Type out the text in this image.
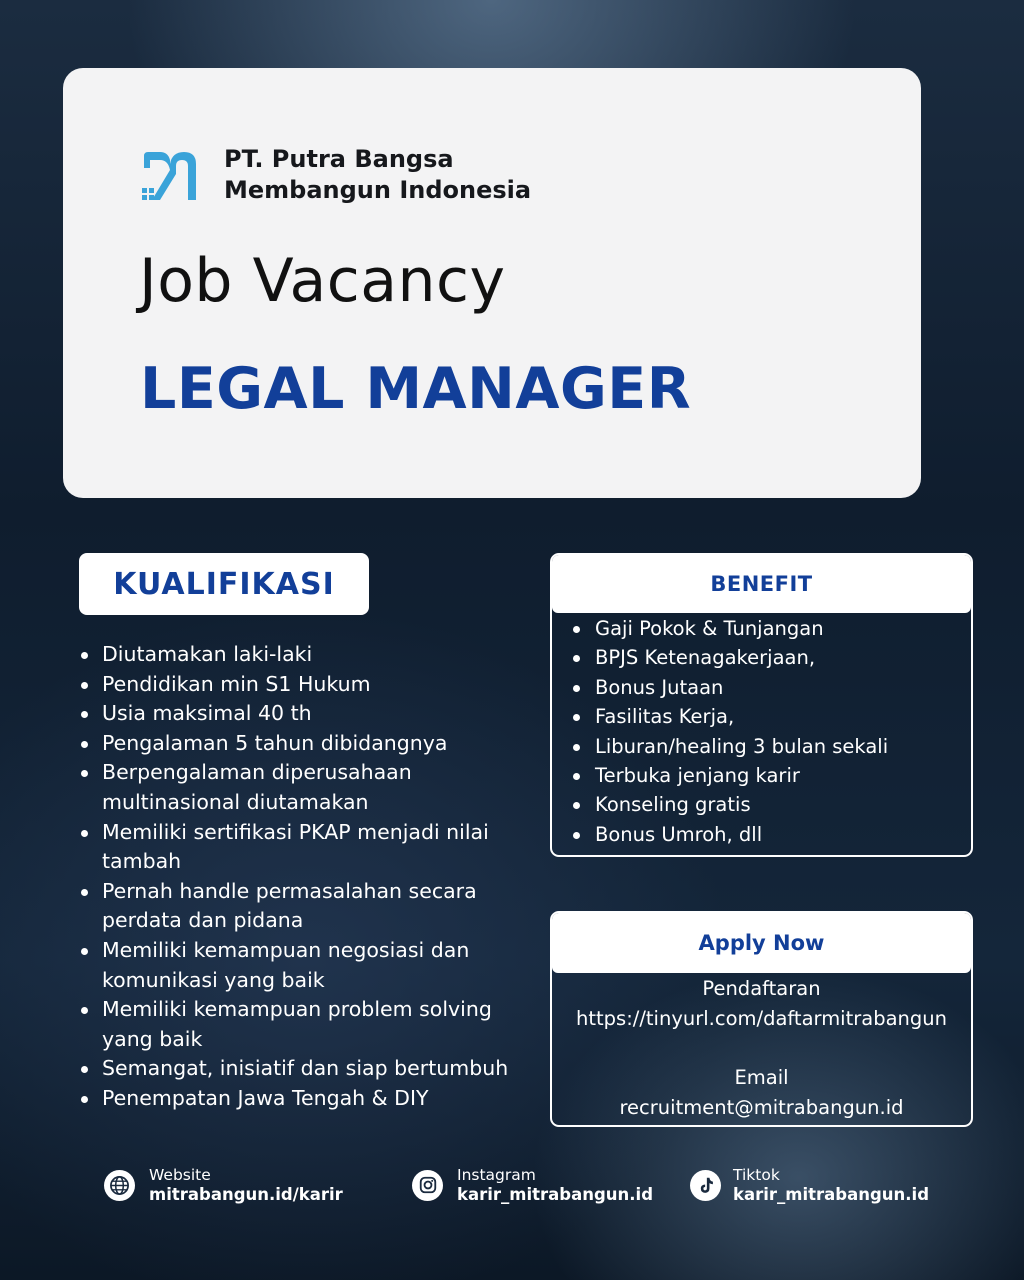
PT. Putra Bangsa
Membangun Indonesia
Job Vacancy
LEGAL MANAGER
KUALIFIKASI
Diutamakan laki-laki
Pendidikan min S1 Hukum
Usia maksimal 40 th
Pengalaman 5 tahun dibidangnya
Berpengalaman diperusahaan multinasional diutamakan
Memiliki sertifikasi PKAP menjadi nilai tambah
Pernah handle permasalahan secara perdata dan pidana
Memiliki kemampuan negosiasi dan komunikasi yang baik
Memiliki kemampuan problem solving yang baik
Semangat, inisiatif dan siap bertumbuh
Penempatan Jawa Tengah & DIY
BENEFIT
Gaji Pokok & Tunjangan
BPJS Ketenagakerjaan,
Bonus Jutaan
Fasilitas Kerja,
Liburan/healing 3 bulan sekali
Terbuka jenjang karir
Konseling gratis
Bonus Umroh, dll
Apply Now
Pendaftaran
https://tinyurl.com/daftarmitrabangun
Email
recruitment@mitrabangun.id
Website
mitrabangun.id/karir
Instagram
karir_mitrabangun.id
Tiktok
karir_mitrabangun.id
